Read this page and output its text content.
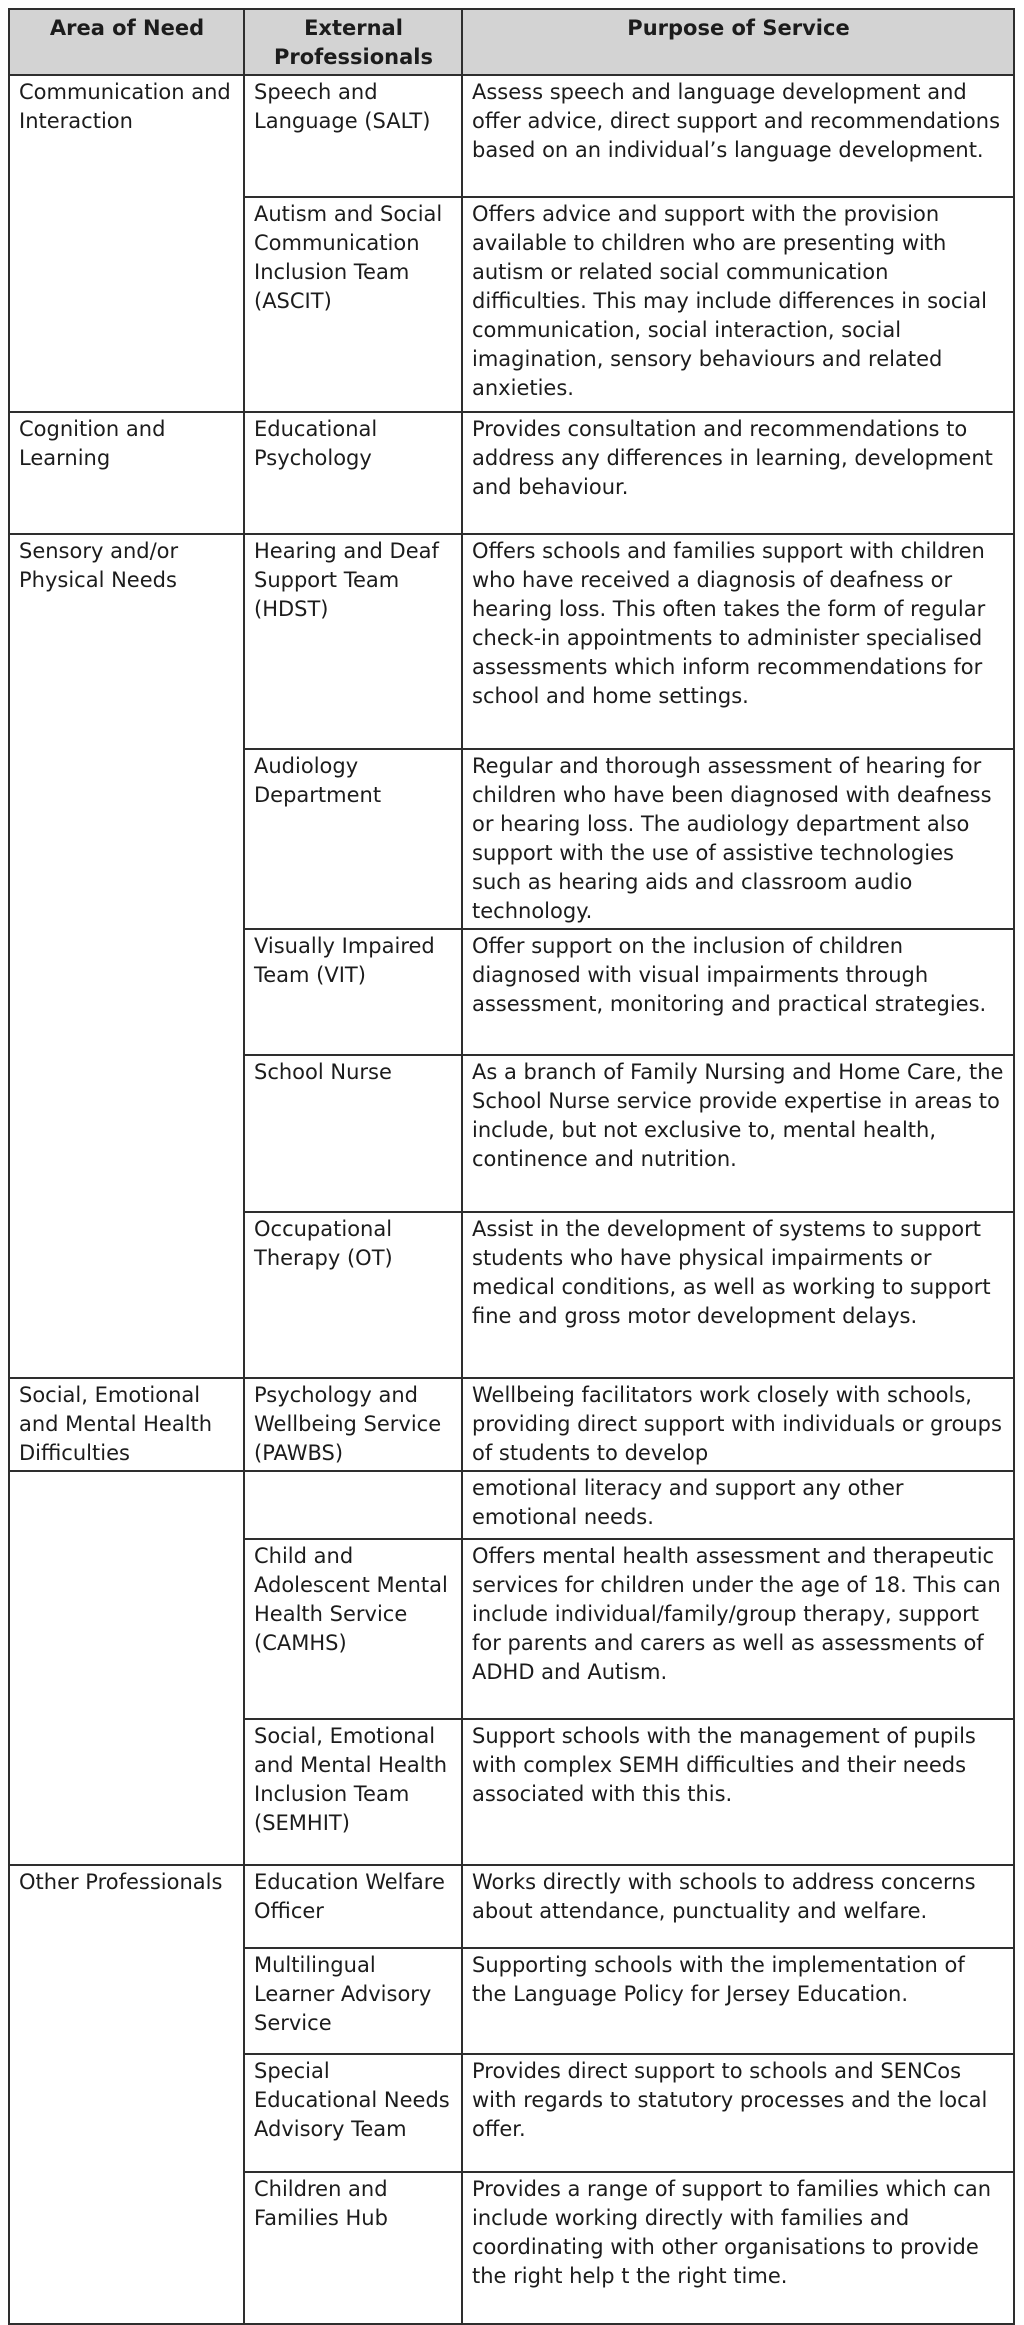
Area of Need	External Professionals	Purpose of Service
Communication and Interaction	Speech and Language (SALT)	Assess speech and language development and offer advice, direct support and recommendations based on an individual’s language development.
	Autism and Social Communication Inclusion Team (ASCIT)	Offers advice and support with the provision available to children who are presenting with autism or related social communication difficulties. This may include differences in social communication, social interaction, social imagination, sensory behaviours and related anxieties.
Cognition and Learning	Educational Psychology	Provides consultation and recommendations to address any differences in learning, development and behaviour.
Sensory and/or Physical Needs	Hearing and Deaf Support Team (HDST)	Offers schools and families support with children who have received a diagnosis of deafness or hearing loss. This often takes the form of regular check-in appointments to administer specialised assessments which inform recommendations for school and home settings.
	Audiology Department	Regular and thorough assessment of hearing for children who have been diagnosed with deafness or hearing loss. The audiology department also support with the use of assistive technologies such as hearing aids and classroom audio technology.
	Visually Impaired Team (VIT)	Offer support on the inclusion of children diagnosed with visual impairments through assessment, monitoring and practical strategies.
	School Nurse	As a branch of Family Nursing and Home Care, the School Nurse service provide expertise in areas to include, but not exclusive to, mental health, continence and nutrition.
	Occupational Therapy (OT)	Assist in the development of systems to support students who have physical impairments or medical conditions, as well as working to support fine and gross motor development delays.
Social, Emotional and Mental Health Difficulties	Psychology and Wellbeing Service (PAWBS)	Wellbeing facilitators work closely with schools, providing direct support with individuals or groups of students to develop
		emotional literacy and support any other emotional needs.
	Child and Adolescent Mental Health Service (CAMHS)	Offers mental health assessment and therapeutic services for children under the age of 18. This can include individual/family/group therapy, support for parents and carers as well as assessments of ADHD and Autism.
	Social, Emotional and Mental Health Inclusion Team (SEMHIT)	Support schools with the management of pupils with complex SEMH difficulties and their needs associated with this this.
Other Professionals	Education Welfare Officer	Works directly with schools to address concerns about attendance, punctuality and welfare.
	Multilingual Learner Advisory Service	Supporting schools with the implementation of the Language Policy for Jersey Education.
	Special Educational Needs Advisory Team	Provides direct support to schools and SENCos with regards to statutory processes and the local offer.
	Children and Families Hub	Provides a range of support to families which can include working directly with families and coordinating with other organisations to provide the right help t the right time.
